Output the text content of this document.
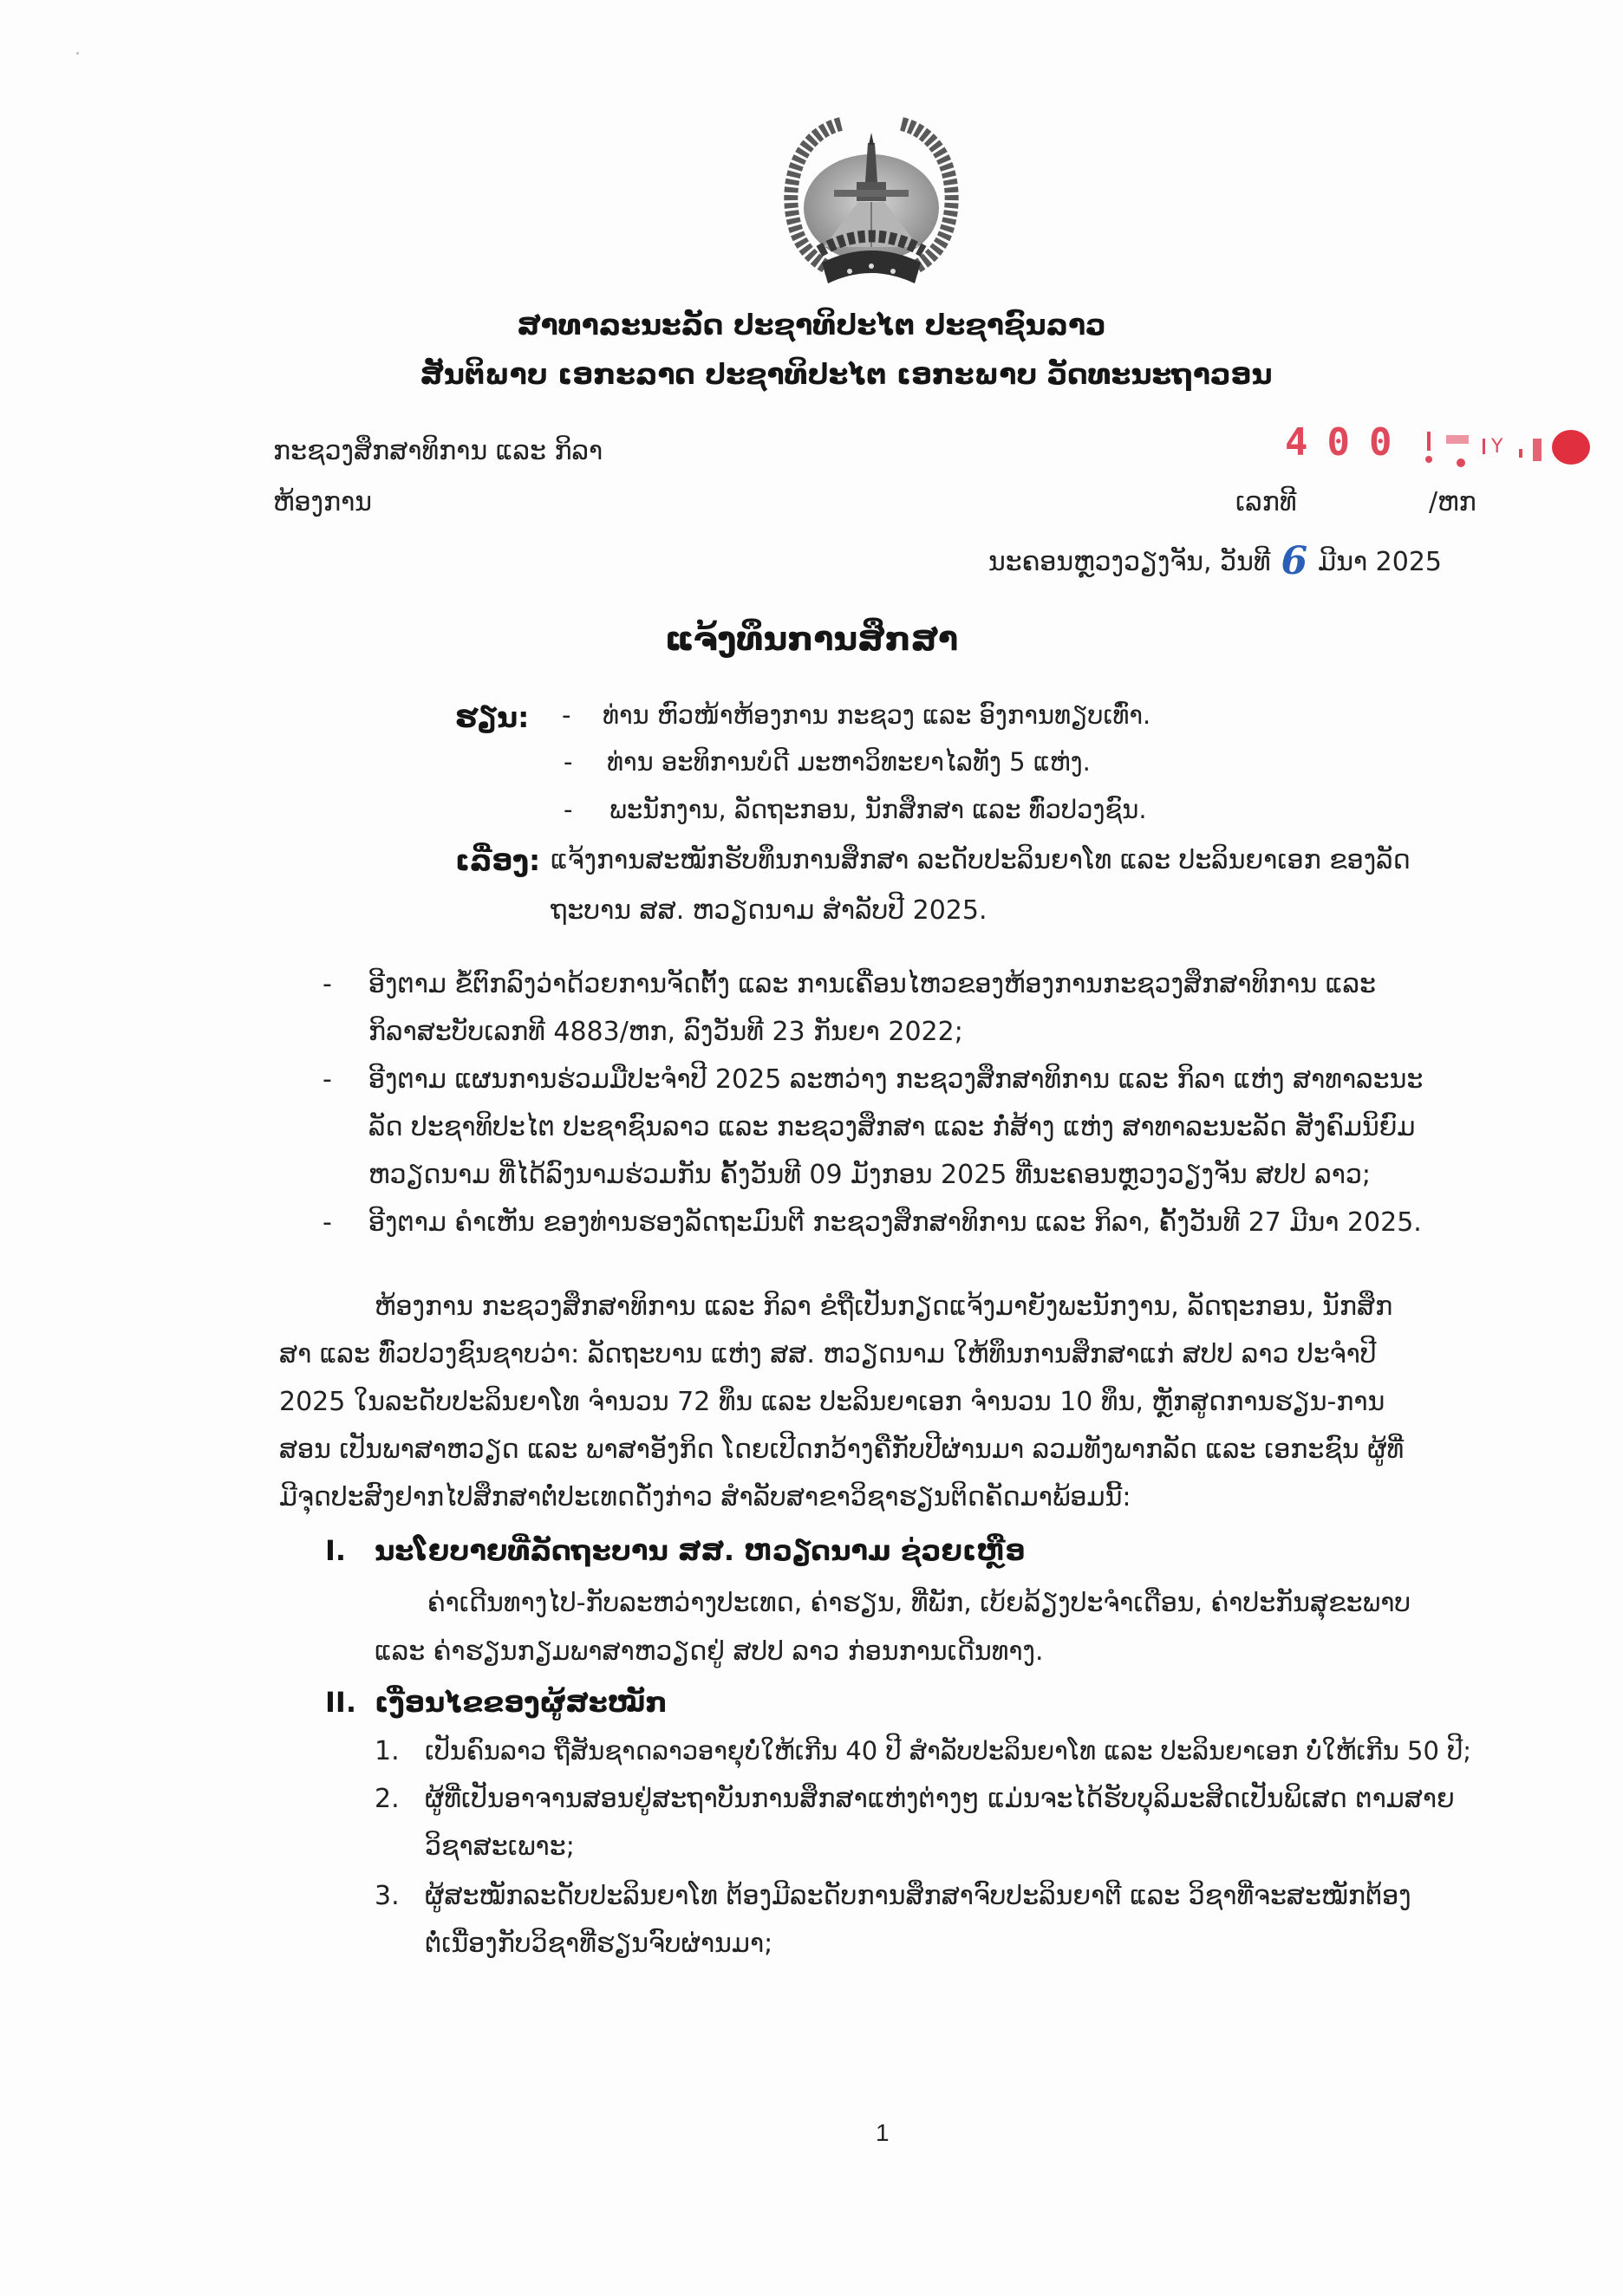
ສາທາລະນະລັດ ປະຊາທິປະໄຕ ປະຊາຊົນລາວ
ສັນຕິພາບ ເອກະລາດ ປະຊາທິປະໄຕ ເອກະພາບ ວັດທະນະຖາວອນ
ກະຊວງສຶກສາທິການ ແລະ ກິລາ
ຫ້ອງການ
400	Y
ເລກທີ	/ຫກ
ນະຄອນຫຼວງວຽງຈັນ, ວັນທີ 6 ມີນາ 2025
ແຈ້ງທຶນການສຶກສາ
ຮຽນ: - ທ່ານ ຫົວໜ້າຫ້ອງການ ກະຊວງ ແລະ ອົງການທຽບເທົ່າ.
- ທ່ານ ອະທິການບໍດີ ມະຫາວິທະຍາໄລທັງ 5 ແຫ່ງ.
- ພະນັກງານ, ລັດຖະກອນ, ນັກສຶກສາ ແລະ ທົ່ວປວງຊົນ.
ເລື່ອງ: ແຈ້ງການສະໝັກຮັບທຶນການສຶກສາ ລະດັບປະລິນຍາໂທ ແລະ ປະລິນຍາເອກ ຂອງລັດ
ຖະບານ ສສ. ຫວຽດນາມ ສຳລັບປີ 2025.
- ອີງຕາມ ຂໍ້ຕົກລົງວ່າດ້ວຍການຈັດຕັ້ງ ແລະ ການເຄື່ອນໄຫວຂອງຫ້ອງການກະຊວງສຶກສາທິການ ແລະ
ກິລາສະບັບເລກທີ 4883/ຫກ, ລົງວັນທີ 23 ກັນຍາ 2022;
- ອີງຕາມ ແຜນການຮ່ວມມືປະຈຳປີ 2025 ລະຫວ່າງ ກະຊວງສຶກສາທິການ ແລະ ກິລາ ແຫ່ງ ສາທາລະນະ
ລັດ ປະຊາທິປະໄຕ ປະຊາຊົນລາວ ແລະ ກະຊວງສຶກສາ ແລະ ກໍ່ສ້າງ ແຫ່ງ ສາທາລະນະລັດ ສັງຄົມນິຍົມ
ຫວຽດນາມ ທີ່ໄດ້ລົງນາມຮ່ວມກັນ ຄັ້ງວັນທີ 09 ມັງກອນ 2025 ທີ່ນະຄອນຫຼວງວຽງຈັນ ສປປ ລາວ;
- ອີງຕາມ ຄຳເຫັນ ຂອງທ່ານຮອງລັດຖະມົນຕີ ກະຊວງສຶກສາທິການ ແລະ ກິລາ, ຄັ້ງວັນທີ 27 ມີນາ 2025.
ຫ້ອງການ ກະຊວງສຶກສາທິການ ແລະ ກິລາ ຂໍຖືເປັນກຽດແຈ້ງມາຍັງພະນັກງານ, ລັດຖະກອນ, ນັກສຶກ
ສາ ແລະ ທົ່ວປວງຊົນຊາບວ່າ: ລັດຖະບານ ແຫ່ງ ສສ. ຫວຽດນາມ ໃຫ້ທຶນການສຶກສາແກ່ ສປປ ລາວ ປະຈຳປີ
2025 ໃນລະດັບປະລິນຍາໂທ ຈຳນວນ 72 ທຶນ ແລະ ປະລິນຍາເອກ ຈຳນວນ 10 ທຶນ, ຫຼັກສູດການຮຽນ-ການ
ສອນ ເປັນພາສາຫວຽດ ແລະ ພາສາອັງກິດ ໂດຍເປີດກວ້າງຄືກັບປີຜ່ານມາ ລວມທັງພາກລັດ ແລະ ເອກະຊົນ ຜູ້ທີ່
ມີຈຸດປະສົງຢາກໄປສຶກສາຕໍ່ປະເທດດັ່ງກ່າວ ສຳລັບສາຂາວິຊາຮຽນຕິດຄັດມາພ້ອມນີ້:
I. ນະໂຍບາຍທີ່ລັດຖະບານ ສສ. ຫວຽດນາມ ຊ່ວຍເຫຼືອ
ຄ່າເດີນທາງໄປ-ກັບລະຫວ່າງປະເທດ, ຄ່າຮຽນ, ທີ່ພັກ, ເບ້ຍລ້ຽງປະຈຳເດືອນ, ຄ່າປະກັນສຸຂະພາບ
ແລະ ຄ່າຮຽນກຽມພາສາຫວຽດຢູ່ ສປປ ລາວ ກ່ອນການເດີນທາງ.
II. ເງື່ອນໄຂຂອງຜູ້ສະໝັກ
1. ເປັນຄົນລາວ ຖືສັນຊາດລາວອາຍຸບໍ່ໃຫ້ເກີນ 40 ປີ ສຳລັບປະລິນຍາໂທ ແລະ ປະລິນຍາເອກ ບໍ່ໃຫ້ເກີນ 50 ປີ;
2. ຜູ້ທີ່ເປັນອາຈານສອນຢູ່ສະຖາບັນການສຶກສາແຫ່ງຕ່າງໆ ແມ່ນຈະໄດ້ຮັບບຸລິມະສິດເປັນພິເສດ ຕາມສາຍ
ວິຊາສະເພາະ;
3. ຜູ້ສະໝັກລະດັບປະລິນຍາໂທ ຕ້ອງມີລະດັບການສຶກສາຈົບປະລິນຍາຕີ ແລະ ວິຊາທີ່ຈະສະໝັກຕ້ອງ
ຕໍ່ເນື່ອງກັບວິຊາທີ່ຮຽນຈົບຜ່ານມາ;
1
